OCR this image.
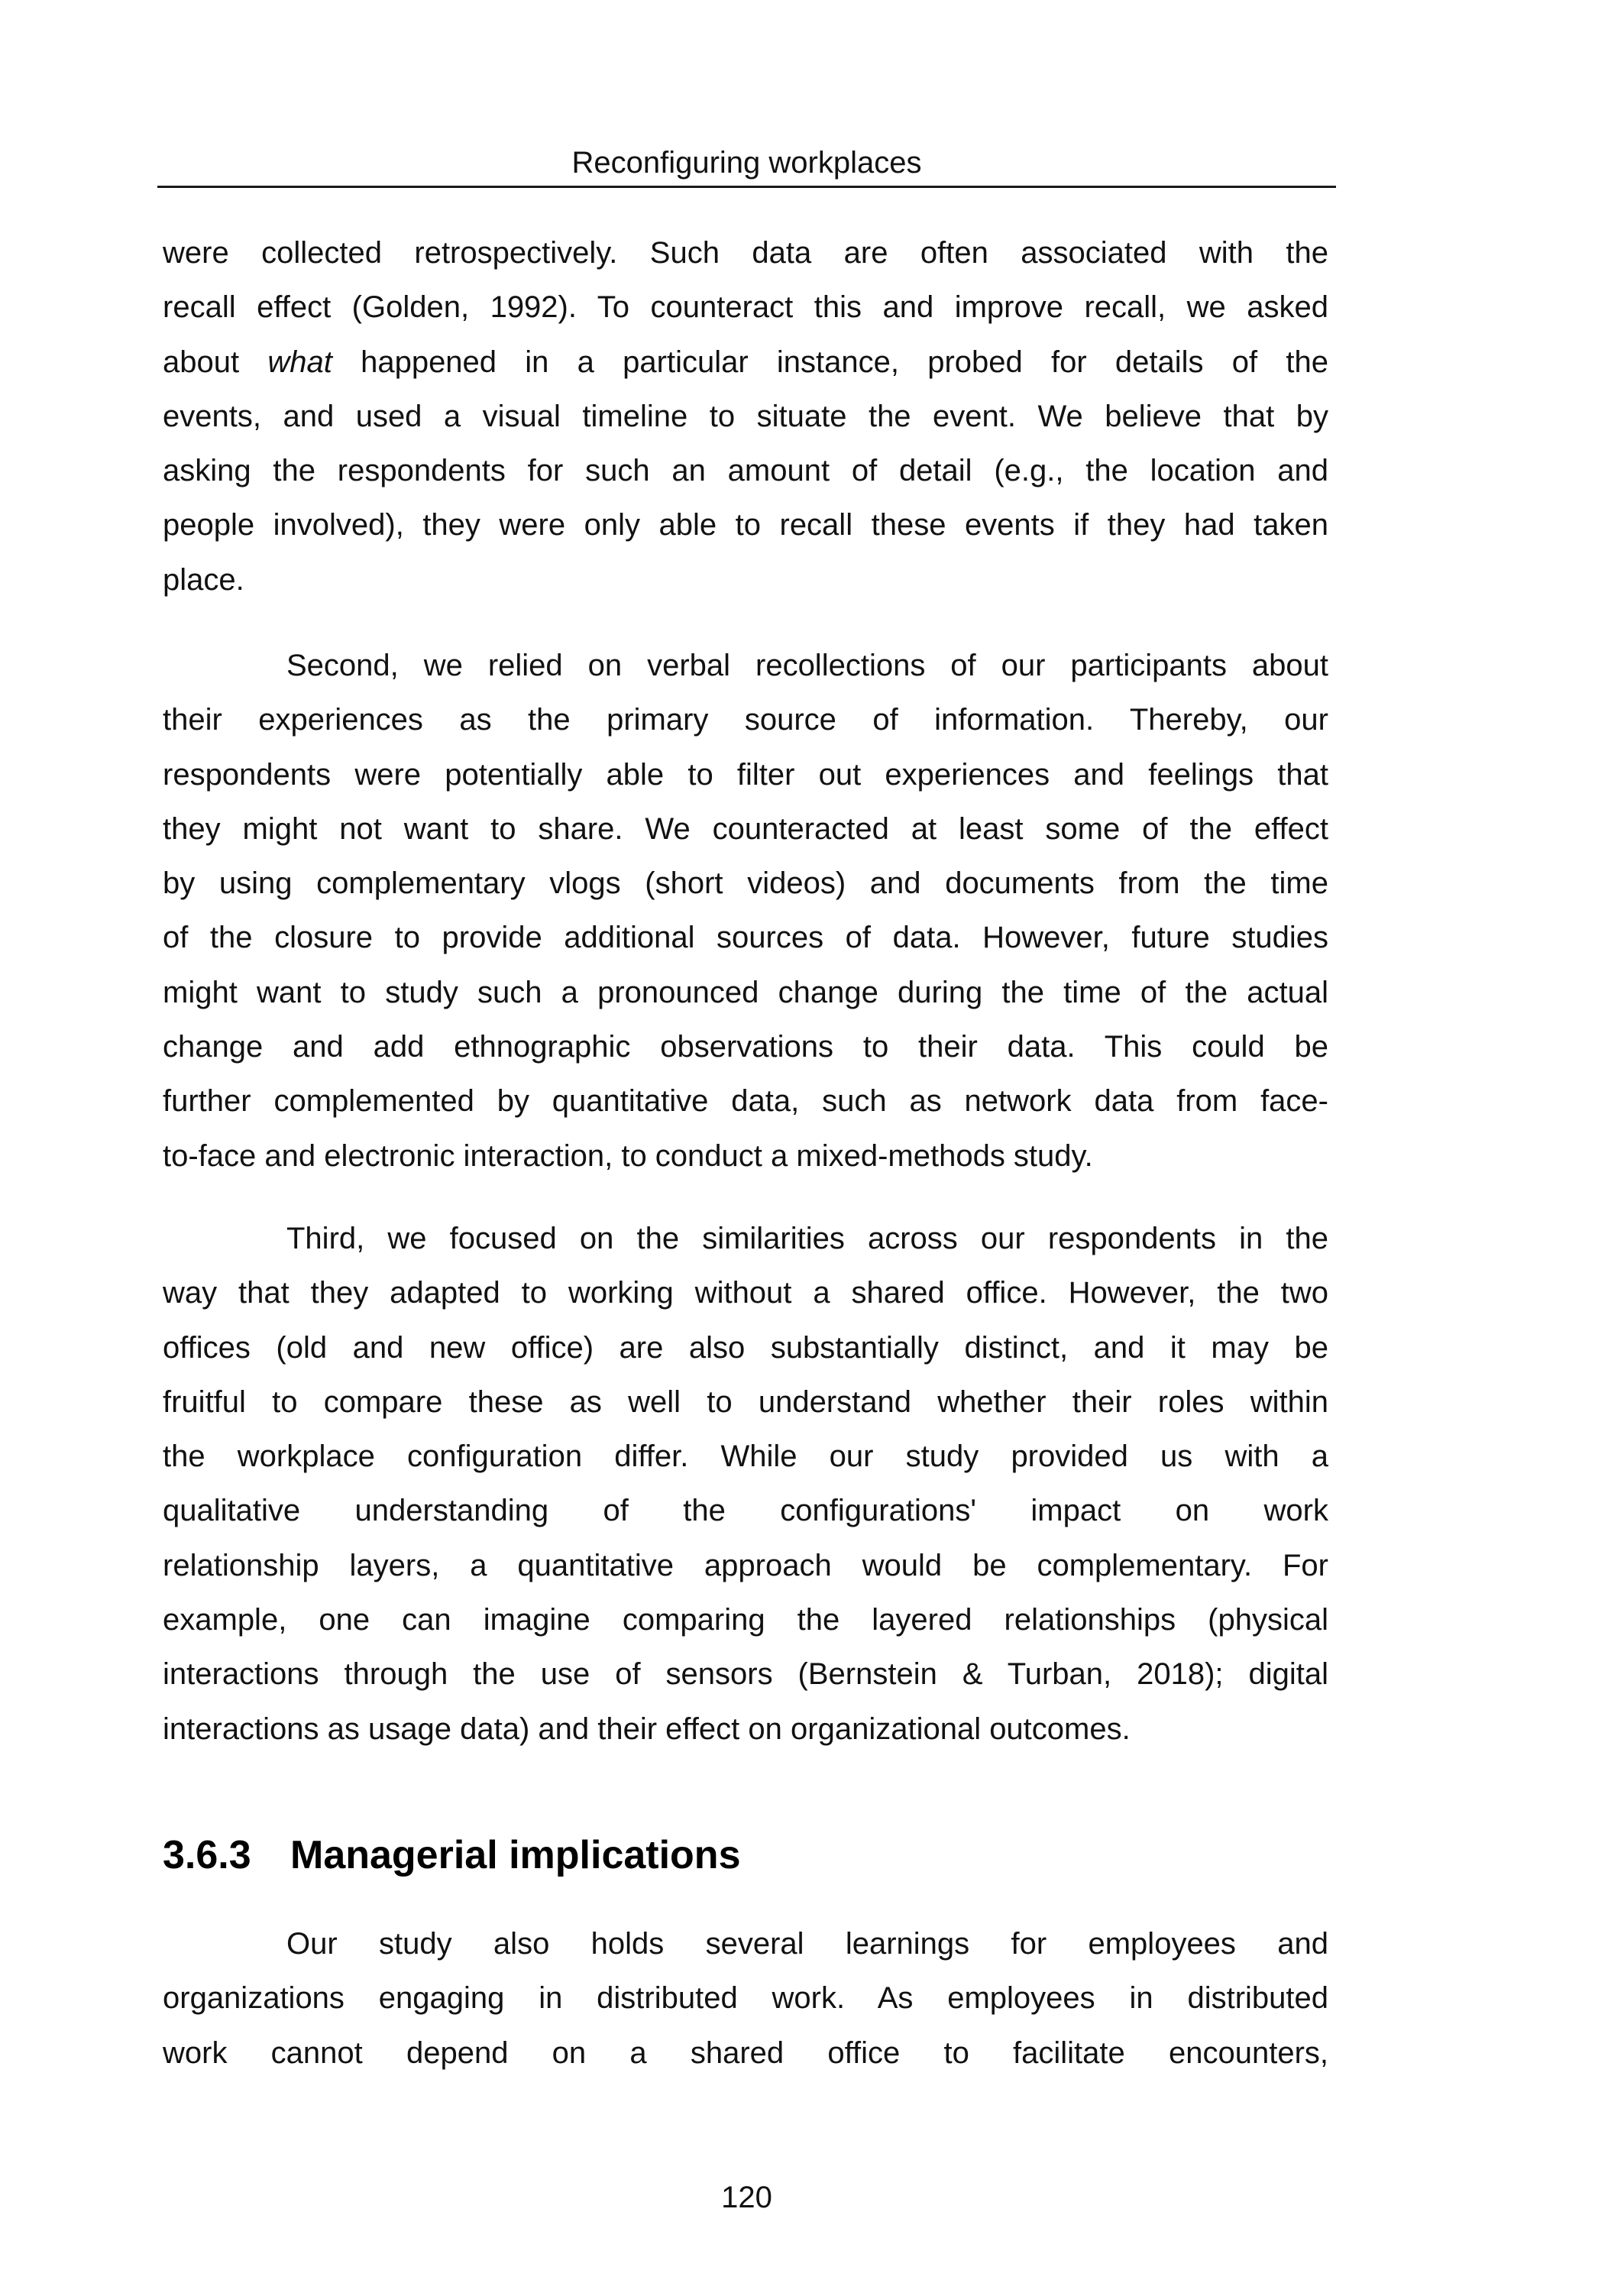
Reconfiguring workplaces
were collected retrospectively. Such data are often associated with the
recall effect (Golden, 1992). To counteract this and improve recall, we asked
about what happened in a particular instance, probed for details of the
events, and used a visual timeline to situate the event. We believe that by
asking the respondents for such an amount of detail (e.g., the location and
people involved), they were only able to recall these events if they had taken
place.
Second, we relied on verbal recollections of our participants about
their experiences as the primary source of information. Thereby, our
respondents were potentially able to filter out experiences and feelings that
they might not want to share. We counteracted at least some of the effect
by using complementary vlogs (short videos) and documents from the time
of the closure to provide additional sources of data. However, future studies
might want to study such a pronounced change during the time of the actual
change and add ethnographic observations to their data. This could be
further complemented by quantitative data, such as network data from face-
to-face and electronic interaction, to conduct a mixed-methods study.
Third, we focused on the similarities across our respondents in the
way that they adapted to working without a shared office. However, the two
offices (old and new office) are also substantially distinct, and it may be
fruitful to compare these as well to understand whether their roles within
the workplace configuration differ. While our study provided us with a
qualitative understanding of the configurations' impact on work
relationship layers, a quantitative approach would be complementary. For
example, one can imagine comparing the layered relationships (physical
interactions through the use of sensors (Bernstein & Turban, 2018); digital
interactions as usage data) and their effect on organizational outcomes.
3.6.3 Managerial implications
Our study also holds several learnings for employees and
organizations engaging in distributed work. As employees in distributed
work cannot depend on a shared office to facilitate encounters,
120
